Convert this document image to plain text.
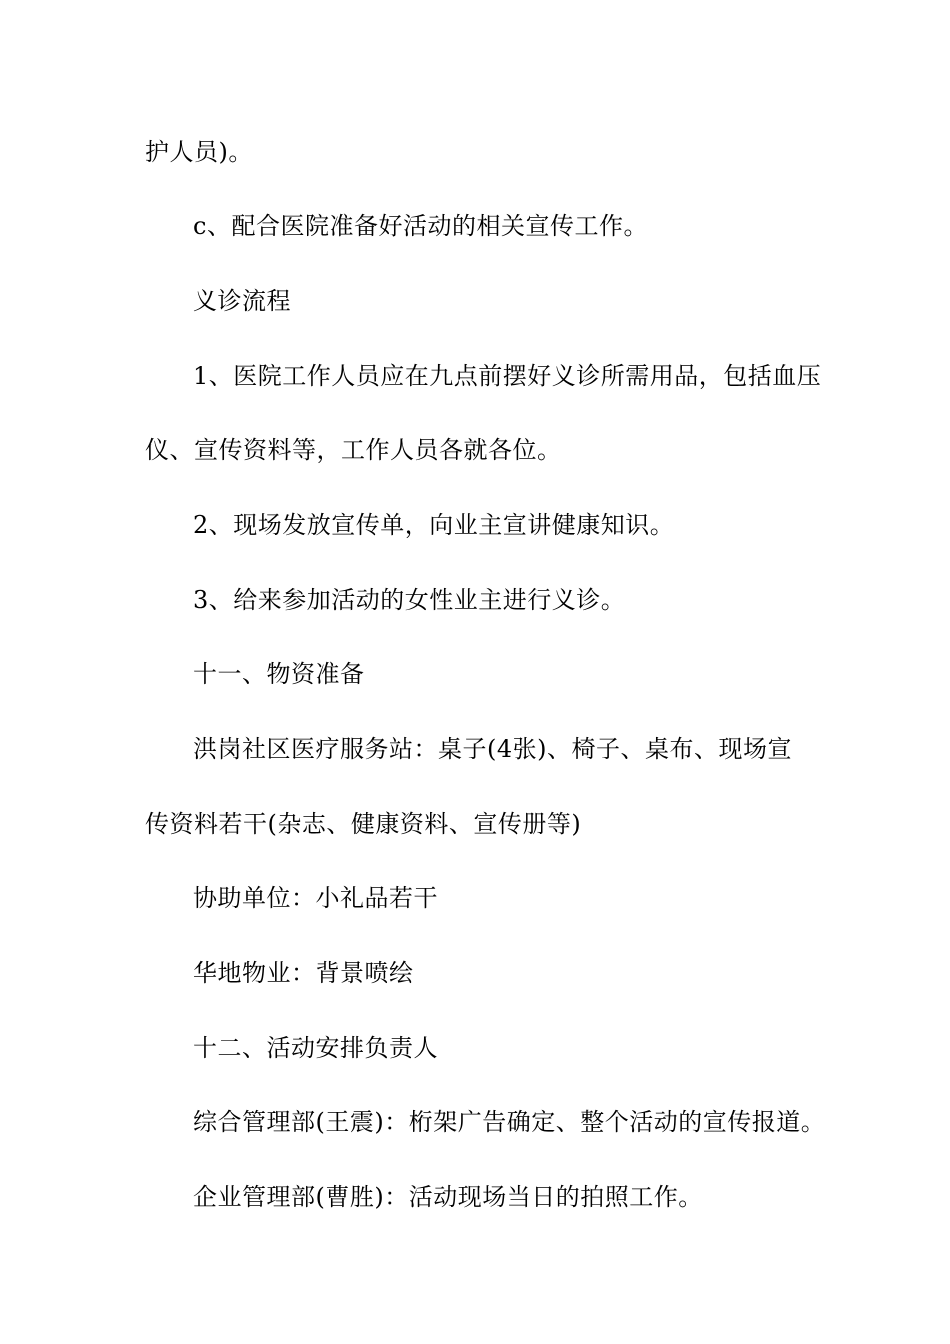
护人员)。

c、配合医院准备好活动的相关宣传工作。

义诊流程

1、医院工作人员应在九点前摆好义诊所需用品，包括血压

仪、宣传资料等，工作人员各就各位。

2、现场发放宣传单，向业主宣讲健康知识。

3、给来参加活动的女性业主进行义诊。

十一、物资准备

洪岗社区医疗服务站：桌子(4张)、椅子、桌布、现场宣

传资料若干(杂志、健康资料、宣传册等)

协助单位：小礼品若干

华地物业：背景喷绘

十二、活动安排负责人

综合管理部(王震)：桁架广告确定、整个活动的宣传报道。

企业管理部(曹胜)：活动现场当日的拍照工作。
